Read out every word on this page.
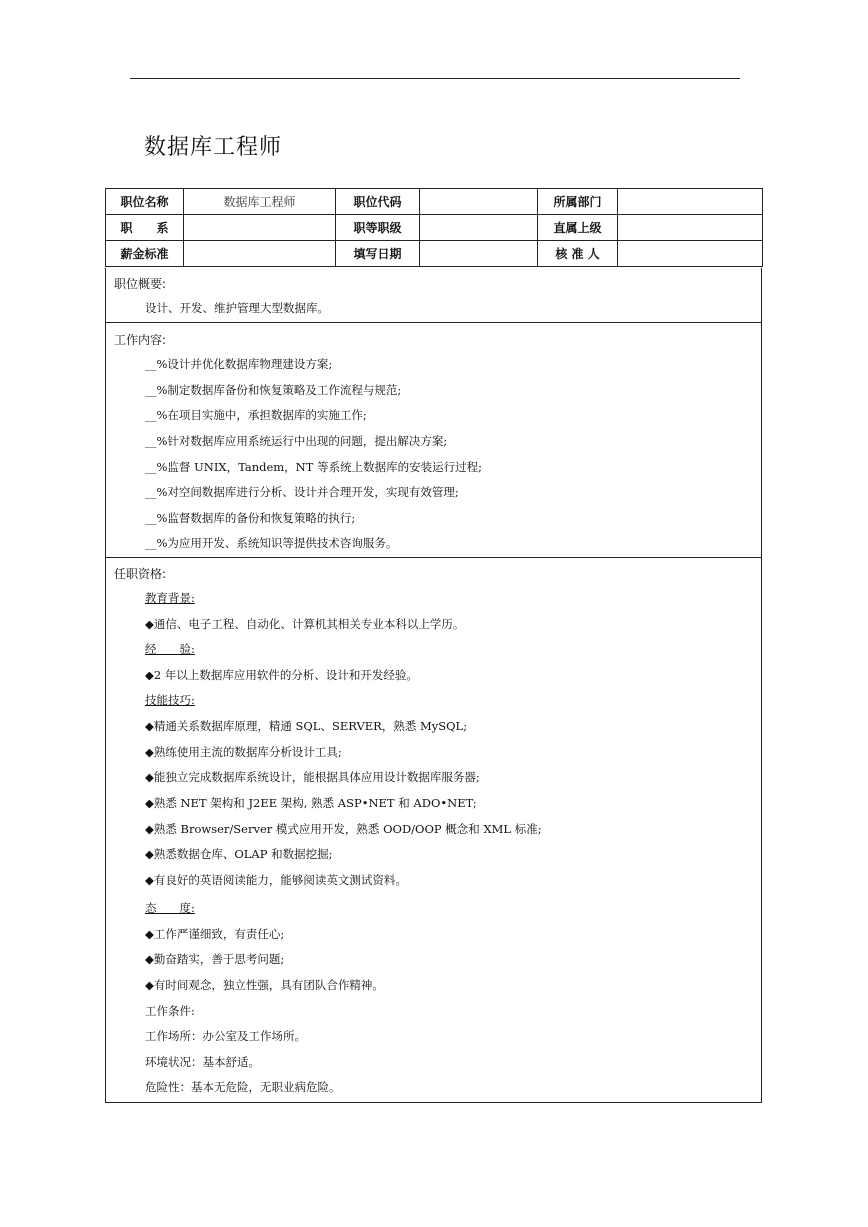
数据库工程师
职位名称	数据库工程师	职位代码		所属部门	
职　　系		职等职级		直属上级	
薪金标准		填写日期		核 准 人	
职位概要:
设计、开发、维护管理大型数据库。
工作内容:
__%设计并优化数据库物理建设方案;
__%制定数据库备份和恢复策略及工作流程与规范;
__%在项目实施中，承担数据库的实施工作;
__%针对数据库应用系统运行中出现的问题，提出解决方案;
__%监督 UNIX，Tandem，NT 等系统上数据库的安装运行过程;
__%对空间数据库进行分析、设计并合理开发，实现有效管理;
__%监督数据库的备份和恢复策略的执行;
__%为应用开发、系统知识等提供技术咨询服务。
任职资格:
教育背景:
◆通信、电子工程、自动化、计算机其相关专业本科以上学历。
经　　验:
◆2 年以上数据库应用软件的分析、设计和开发经验。
技能技巧:
◆精通关系数据库原理，精通 SQL、SERVER，熟悉 MySQL;
◆熟练使用主流的数据库分析设计工具;
◆能独立完成数据库系统设计，能根据具体应用设计数据库服务器;
◆熟悉 NET 架构和 J2EE 架构, 熟悉 ASP•NET 和 ADO•NET;
◆熟悉 Browser/Server 模式应用开发，熟悉 OOD/OOP 概念和 XML 标准;
◆熟悉数据仓库、OLAP 和数据挖掘;
◆有良好的英语阅读能力，能够阅读英文测试资料。
态　　度:
◆工作严谨细致，有责任心;
◆勤奋踏实，善于思考问题;
◆有时间观念，独立性强，具有团队合作精神。
工作条件:
工作场所：办公室及工作场所。
环境状况：基本舒适。
危险性：基本无危险，无职业病危险。
